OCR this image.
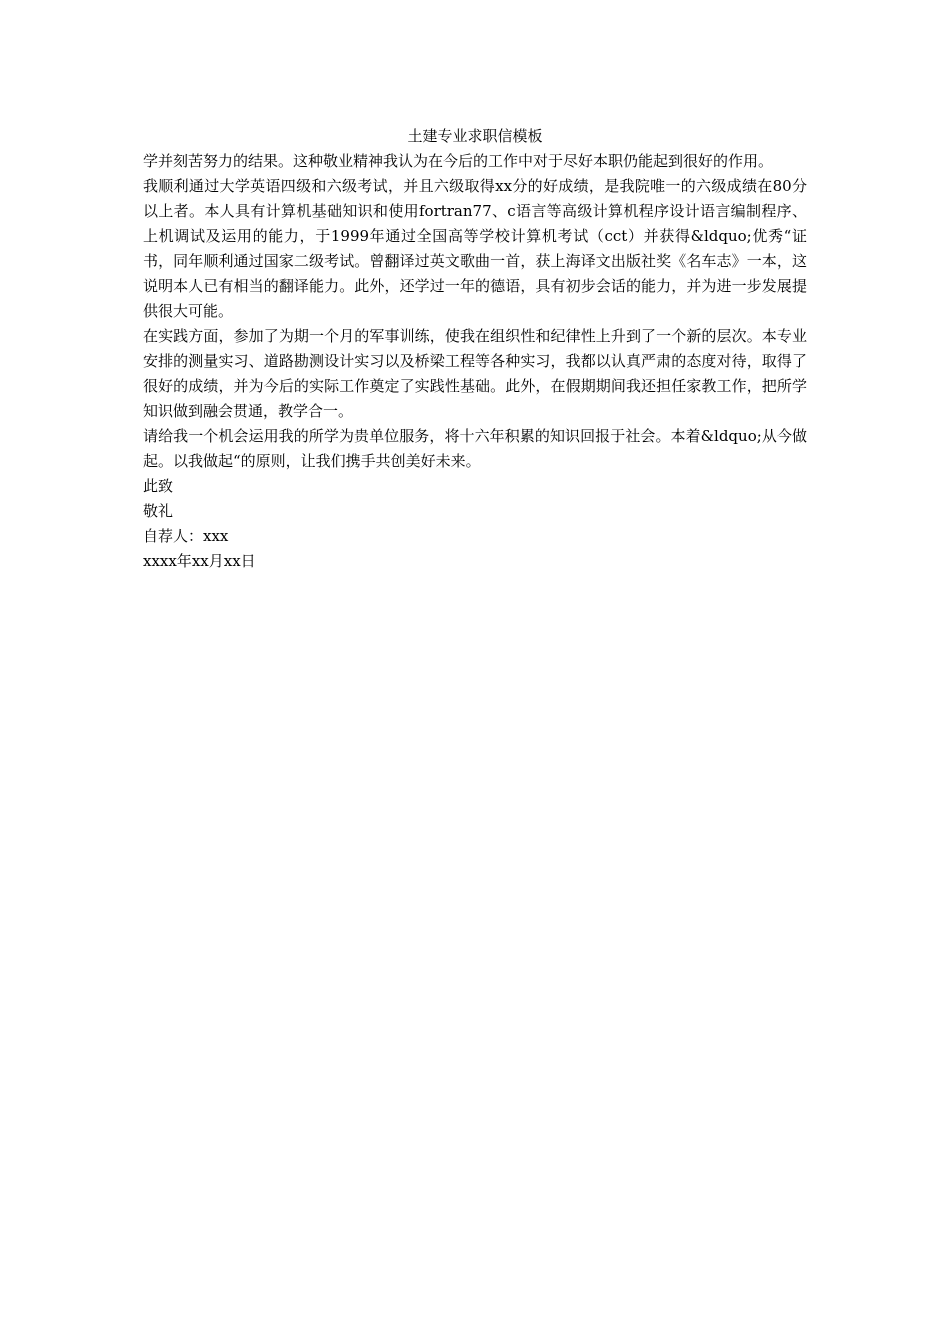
土建专业求职信模板

学并刻苦努力的结果。这种敬业精神我认为在今后的工作中对于尽好本职仍能起到很好的作用。

我顺利通过大学英语四级和六级考试，并且六级取得xx分的好成绩，是我院唯一的六级成绩在80分以上者。本人具有计算机基础知识和使用fortran77、c语言等高级计算机程序设计语言编制程序、上机调试及运用的能力，于1999年通过全国高等学校计算机考试（cct）并获得&ldquo;优秀“证书，同年顺利通过国家二级考试。曾翻译过英文歌曲一首，获上海译文出版社奖《名车志》一本，这说明本人已有相当的翻译能力。此外，还学过一年的德语，具有初步会话的能力，并为进一步发展提供很大可能。

在实践方面，参加了为期一个月的军事训练，使我在组织性和纪律性上升到了一个新的层次。本专业安排的测量实习、道路勘测设计实习以及桥梁工程等各种实习，我都以认真严肃的态度对待，取得了很好的成绩，并为今后的实际工作奠定了实践性基础。此外，在假期期间我还担任家教工作，把所学知识做到融会贯通，教学合一。

请给我一个机会运用我的所学为贵单位服务，将十六年积累的知识回报于社会。本着&ldquo;从今做起。以我做起“的原则，让我们携手共创美好未来。

此致

敬礼

自荐人：xxx

xxxx年xx月xx日
